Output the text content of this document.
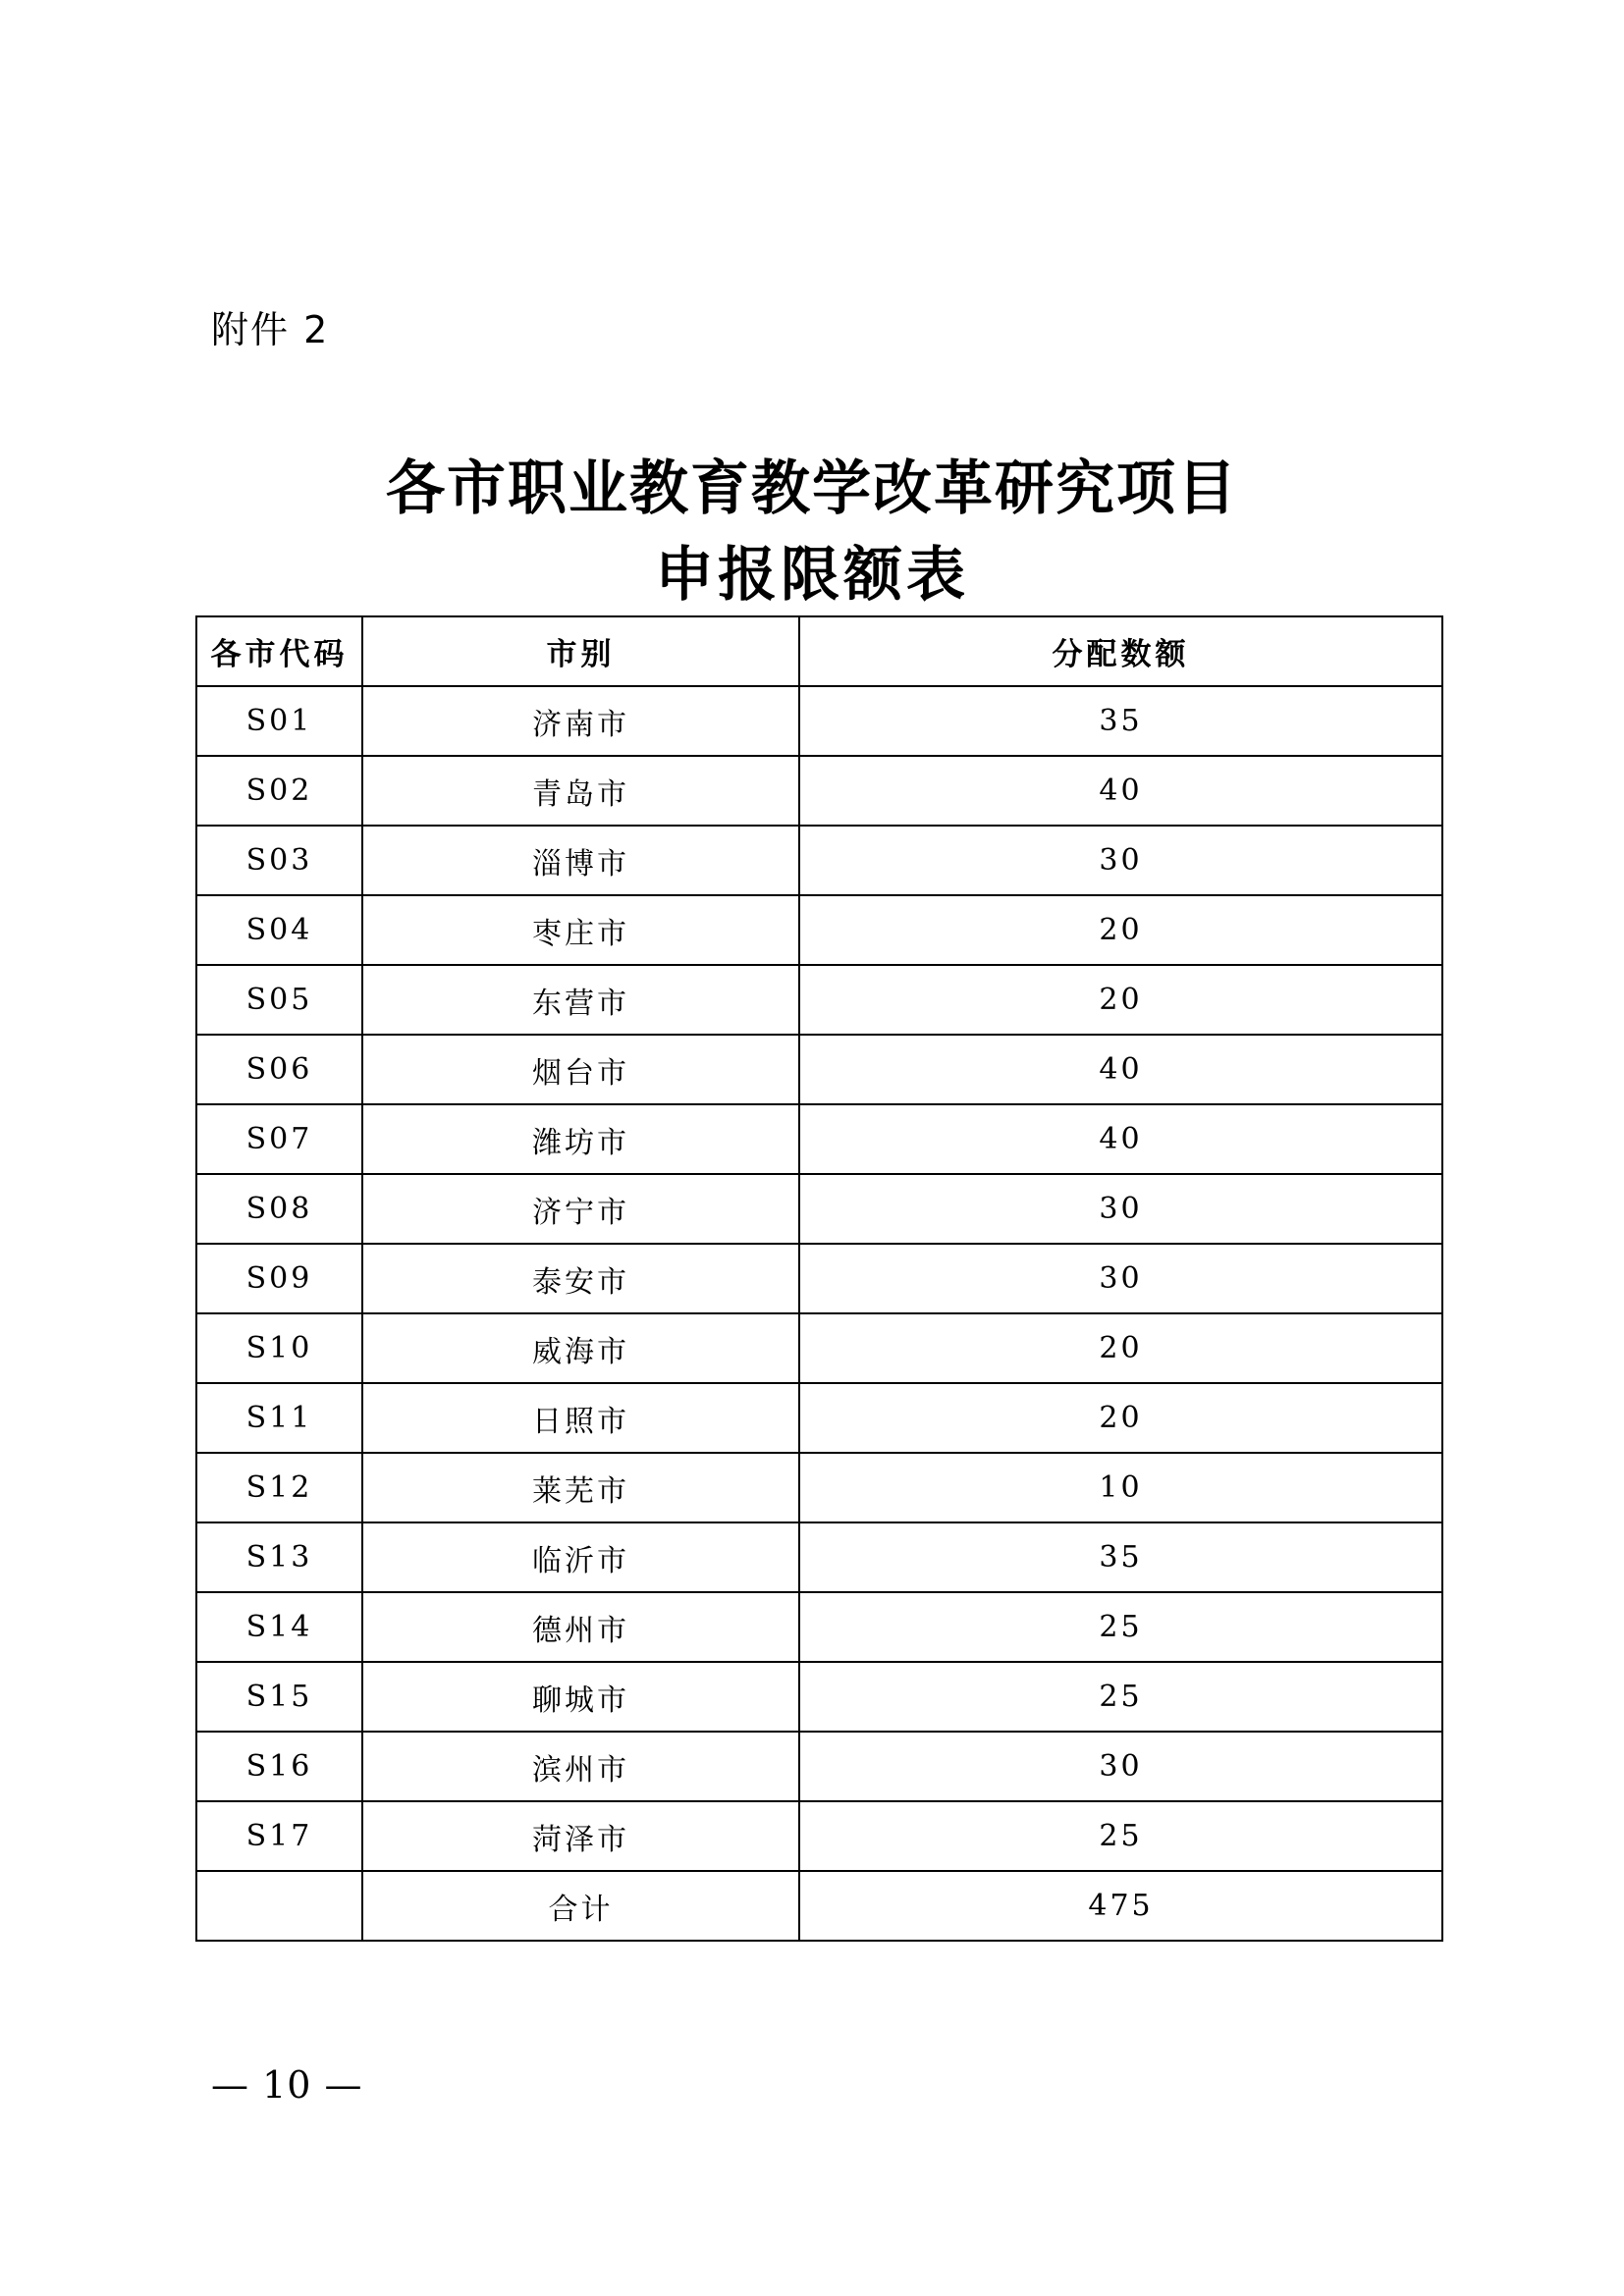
附件 2
各市职业教育教学改革研究项目
申报限额表
各市代码	市别	分配数额
S01	济南市	35
S02	青岛市	40
S03	淄博市	30
S04	枣庄市	20
S05	东营市	20
S06	烟台市	40
S07	潍坊市	40
S08	济宁市	30
S09	泰安市	30
S10	威海市	20
S11	日照市	20
S12	莱芜市	10
S13	临沂市	35
S14	德州市	25
S15	聊城市	25
S16	滨州市	30
S17	菏泽市	25
	合计	475
— 10 —
